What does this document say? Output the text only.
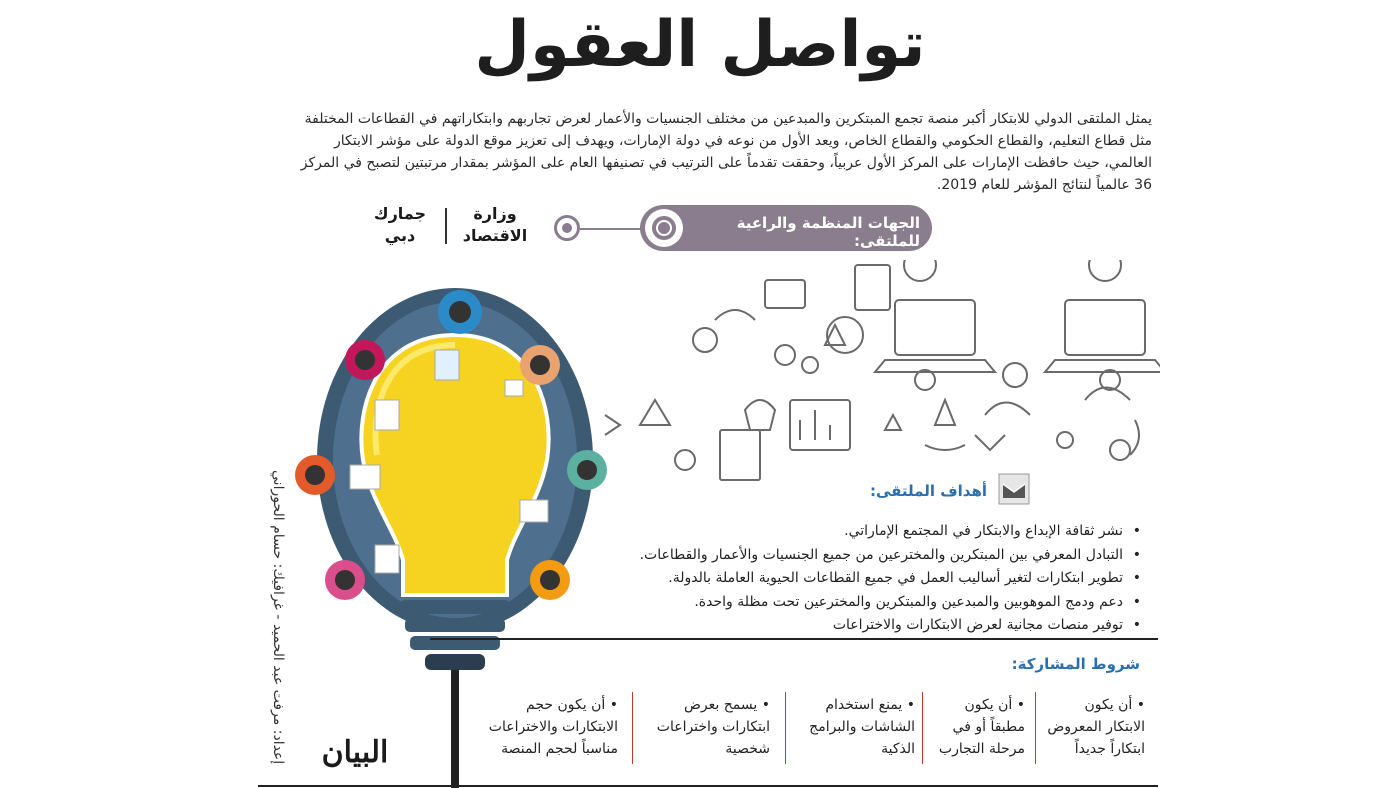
تواصل العقول
يمثل الملتقى الدولي للابتكار أكبر منصة تجمع المبتكرين والمبدعين من مختلف الجنسيات والأعمار لعرض تجاربهم وابتكاراتهم في القطاعات المختلفة مثل قطاع التعليم، والقطاع الحكومي والقطاع الخاص، ويعد الأول من نوعه في دولة الإمارات، ويهدف إلى تعزيز موقع الدولة على مؤشر الابتكار العالمي، حيث حافظت الإمارات على المركز الأول عربياً، وحققت تقدماً على الترتيب في تصنيفها العام على المؤشر بمقدار مرتبتين لتصبح في المركز 36 عالمياً لنتائج المؤشر للعام 2019.
الجهات المنظمة والراعية للملتقى:
وزارة الاقتصاد
جمارك دبي
أهداف الملتقى:
• نشر ثقافة الإبداع والابتكار في المجتمع الإماراتي.
• التبادل المعرفي بين المبتكرين والمخترعين من جميع الجنسيات والأعمار والقطاعات.
• تطوير ابتكارات لتغير أساليب العمل في جميع القطاعات الحيوية العاملة بالدولة.
• دعم ودمج الموهوبين والمبدعين والمبتكرين والمخترعين تحت مظلة واحدة.
• توفير منصات مجانية لعرض الابتكارات والاختراعات
شروط المشاركة:
• أن يكون الابتكار المعروض ابتكاراً جديداً
• أن يكون مطبقاً أو في مرحلة التجارب
• يمنع استخدام الشاشات والبرامج الذكية
• يسمح بعرض ابتكارات واختراعات شخصية
• أن يكون حجم الابتكارات والاختراعات مناسباً لحجم المنصة
إعداد: مرفت عبد الحميد - غرافيك: حسام الحوراني البيان
